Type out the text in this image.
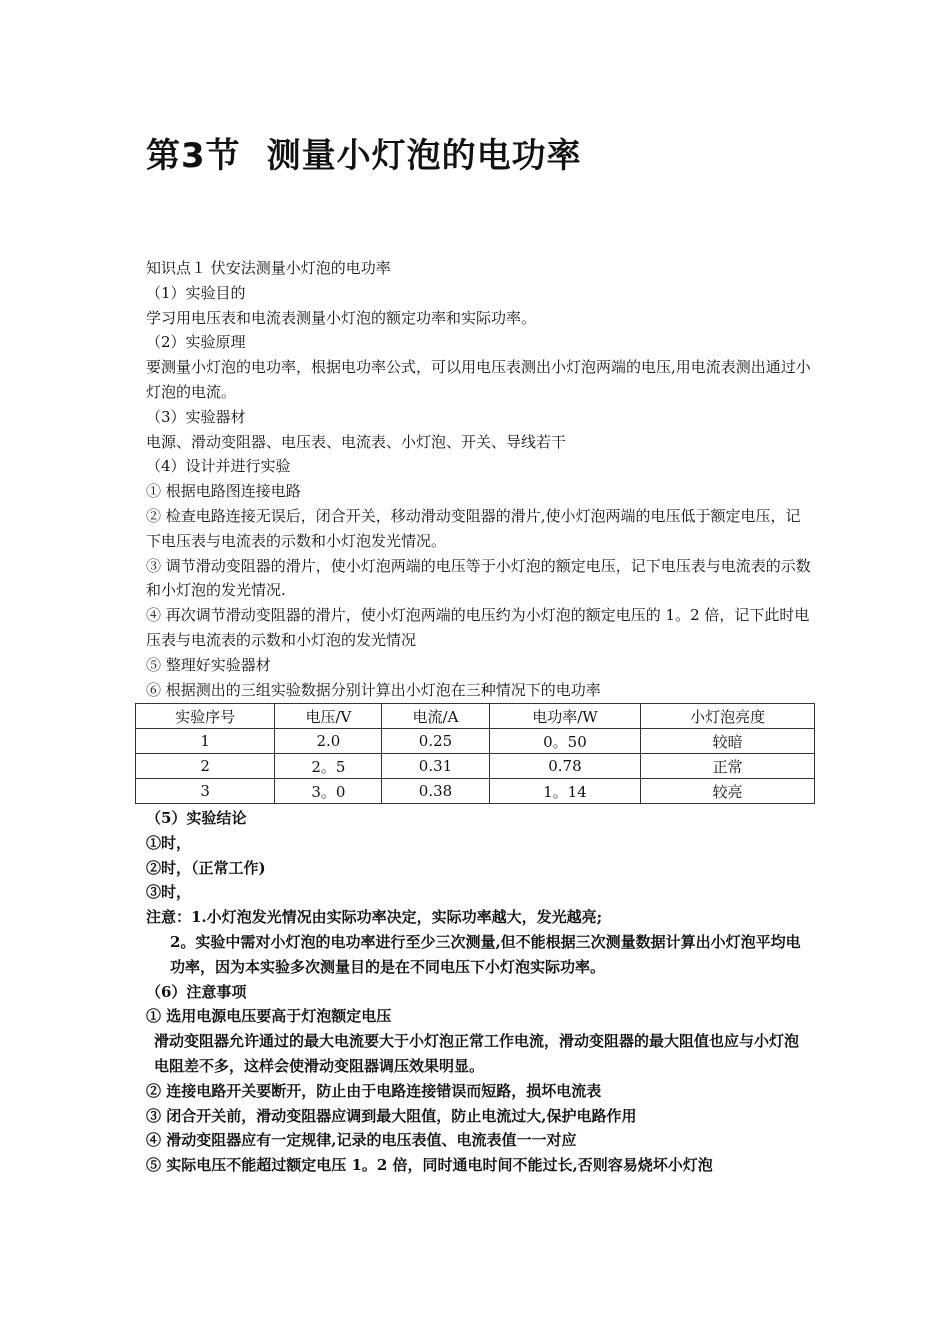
第3节 测量小灯泡的电功率

知识点１ 伏安法测量小灯泡的电功率

（1）实验目的

学习用电压表和电流表测量小灯泡的额定功率和实际功率。

（2）实验原理

要测量小灯泡的电功率，根据电功率公式，可以用电压表测出小灯泡两端的电压,用电流表测出通过小灯泡的电流。

（3）实验器材

电源、滑动变阻器、电压表、电流表、小灯泡、开关、导线若干

（4）设计并进行实验

① 根据电路图连接电路

② 检查电路连接无误后，闭合开关，移动滑动变阻器的滑片,使小灯泡两端的电压低于额定电压，记下电压表与电流表的示数和小灯泡发光情况。

③ 调节滑动变阻器的滑片，使小灯泡两端的电压等于小灯泡的额定电压，记下电压表与电流表的示数和小灯泡的发光情况.

④ 再次调节滑动变阻器的滑片，使小灯泡两端的电压约为小灯泡的额定电压的 1。2 倍，记下此时电压表与电流表的示数和小灯泡的发光情况

⑤ 整理好实验器材

⑥ 根据测出的三组实验数据分别计算出小灯泡在三种情况下的电功率

实验序号	电压/V	电流/A	电功率/W	小灯泡亮度
1	2.0	0.25	0。50	较暗
2	2。5	0.31	0.78	正常
3	3。0	0.38	1。14	较亮

（5）实验结论

①时，

②时，（正常工作)

③时，

注意：1.小灯泡发光情况由实际功率决定，实际功率越大，发光越亮;

2。实验中需对小灯泡的电功率进行至少三次测量,但不能根据三次测量数据计算出小灯泡平均电功率，因为本实验多次测量目的是在不同电压下小灯泡实际功率。

（6）注意事项

① 选用电源电压要高于灯泡额定电压

滑动变阻器允许通过的最大电流要大于小灯泡正常工作电流，滑动变阻器的最大阻值也应与小灯泡电阻差不多，这样会使滑动变阻器调压效果明显。

② 连接电路开关要断开，防止由于电路连接错误而短路，损坏电流表

③ 闭合开关前，滑动变阻器应调到最大阻值，防止电流过大,保护电路作用

④ 滑动变阻器应有一定规律,记录的电压表值、电流表值一一对应

⑤ 实际电压不能超过额定电压 1。2 倍，同时通电时间不能过长,否则容易烧坏小灯泡
